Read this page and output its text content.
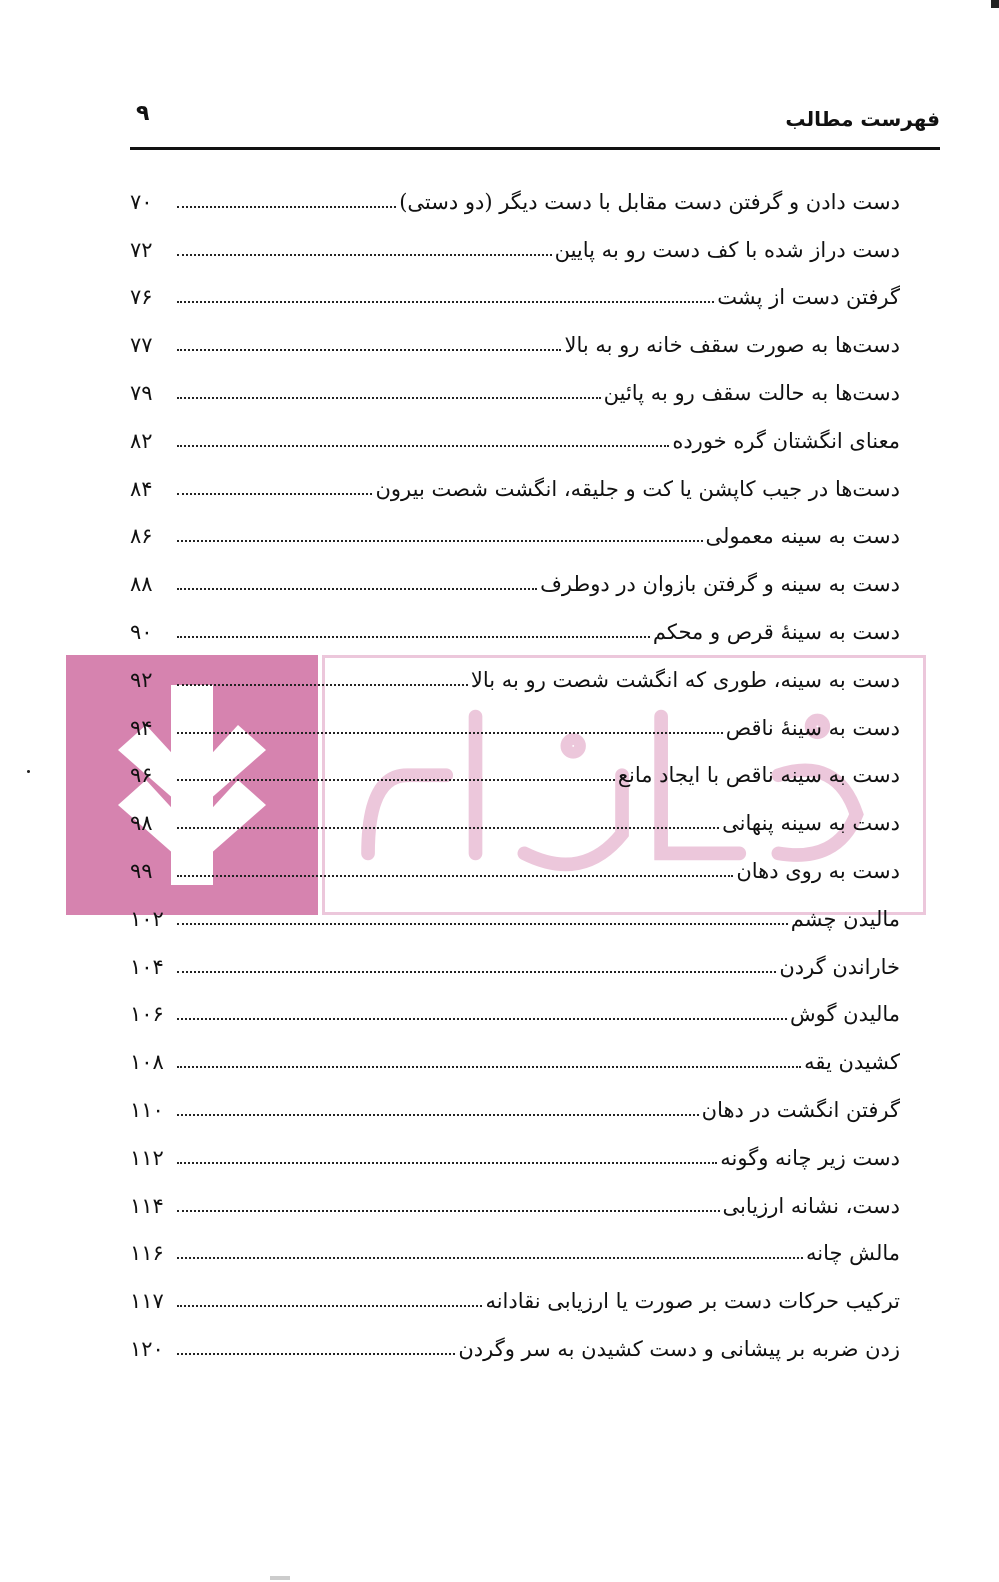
فهرست مطالب
۹
دست دادن و گرفتن دست مقابل با دست دیگر (دو دستی)
۷۰
دست دراز شده با کف دست رو به پایین
۷۲
گرفتن دست از پشت
۷۶
دست‌ها به صورت سقف خانه رو به بالا
۷۷
دست‌ها به حالت سقف رو به پائین
۷۹
معنای انگشتان گره خورده
۸۲
دست‌ها در جیب کاپشن یا کت و جلیقه، انگشت شصت بیرون
۸۴
دست به سینه معمولی
۸۶
دست به سینه و گرفتن بازوان در دوطرف
۸۸
دست به سینهٔ قرص و محکم
۹۰
دست به سینه، طوری که انگشت شصت رو به بالا
۹۲
دست به سینهٔ ناقص
۹۴
دست به سینه ناقص با ایجاد مانع
۹۶
دست به سینه پنهانی
۹۸
دست به روی دهان
۹۹
مالیدن چشم
۱۰۲
خاراندن گردن
۱۰۴
مالیدن گوش
۱۰۶
کشیدن یقه
۱۰۸
گرفتن انگشت در دهان
۱۱۰
دست زیر چانه وگونه
۱۱۲
دست، نشانه ارزیابی
۱۱۴
مالش چانه
۱۱۶
ترکیب حرکات دست بر صورت یا ارزیابی نقادانه
۱۱۷
زدن ضربه بر پیشانی و دست کشیدن به سر وگردن
۱۲۰
